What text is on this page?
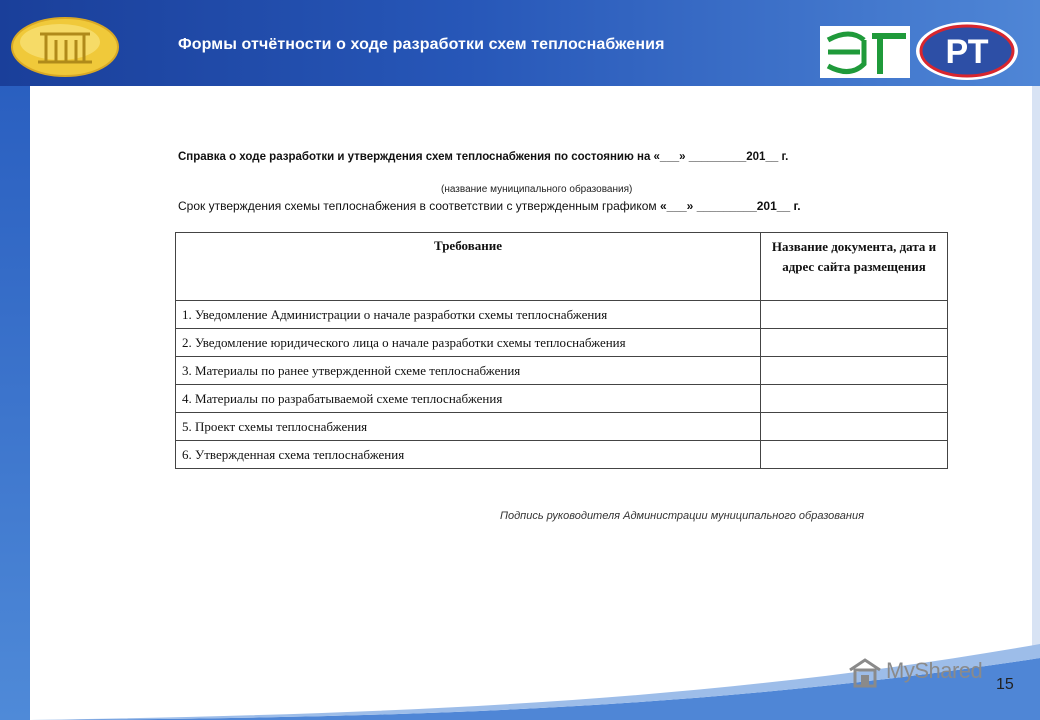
Формы отчётности о ходе разработки схем теплоснабжения	РТ
Справка о ходе разработки и утверждения схем теплоснабжения по состоянию на «___» _________201__ г.
(название муниципального образования)
Срок утверждения схемы теплоснабжения в соответствии с утвержденным графиком «___» _________201__ г.
Требование	Название документа, дата и адрес сайта размещения
1. Уведомление Администрации о начале разработки схемы теплоснабжения	
2. Уведомление юридического лица о начале разработки схемы теплоснабжения	
3. Материалы по ранее утвержденной схеме теплоснабжения	
4. Материалы по разрабатываемой схеме теплоснабжения	
5. Проект схемы теплоснабжения	
6. Утвержденная схема теплоснабжения	
Подпись руководителя Администрации муниципального образования
MyShared
15
